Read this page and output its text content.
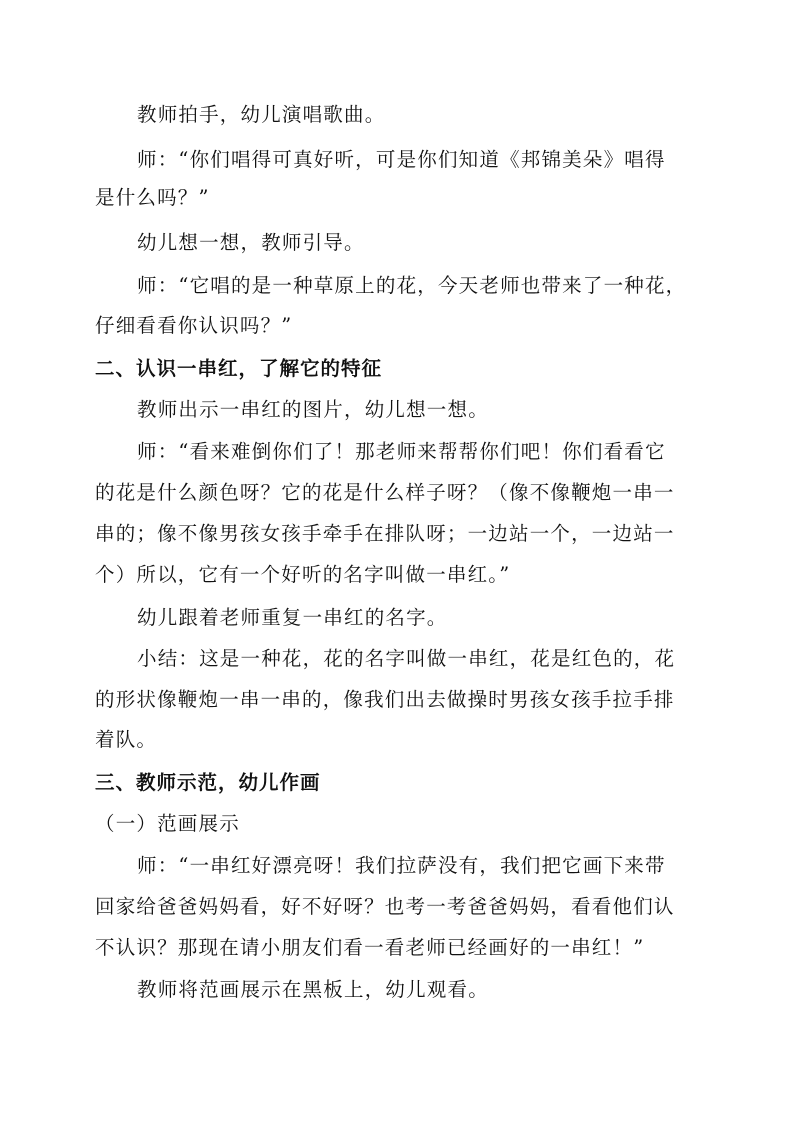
教师拍手，幼儿演唱歌曲。
师：“你们唱得可真好听，可是你们知道《邦锦美朵》唱得
是什么吗？”
幼儿想一想，教师引导。
师：“它唱的是一种草原上的花，今天老师也带来了一种花，
仔细看看你认识吗？”
二、认识一串红，了解它的特征
教师出示一串红的图片，幼儿想一想。
师：“看来难倒你们了！那老师来帮帮你们吧！你们看看它
的花是什么颜色呀？它的花是什么样子呀？（像不像鞭炮一串一
串的；像不像男孩女孩手牵手在排队呀；一边站一个，一边站一
个）所以，它有一个好听的名字叫做一串红。”
幼儿跟着老师重复一串红的名字。
小结：这是一种花，花的名字叫做一串红，花是红色的，花
的形状像鞭炮一串一串的，像我们出去做操时男孩女孩手拉手排
着队。
三、教师示范，幼儿作画
（一）范画展示
师：“一串红好漂亮呀！我们拉萨没有，我们把它画下来带
回家给爸爸妈妈看，好不好呀？也考一考爸爸妈妈，看看他们认
不认识？那现在请小朋友们看一看老师已经画好的一串红！”
教师将范画展示在黑板上，幼儿观看。
